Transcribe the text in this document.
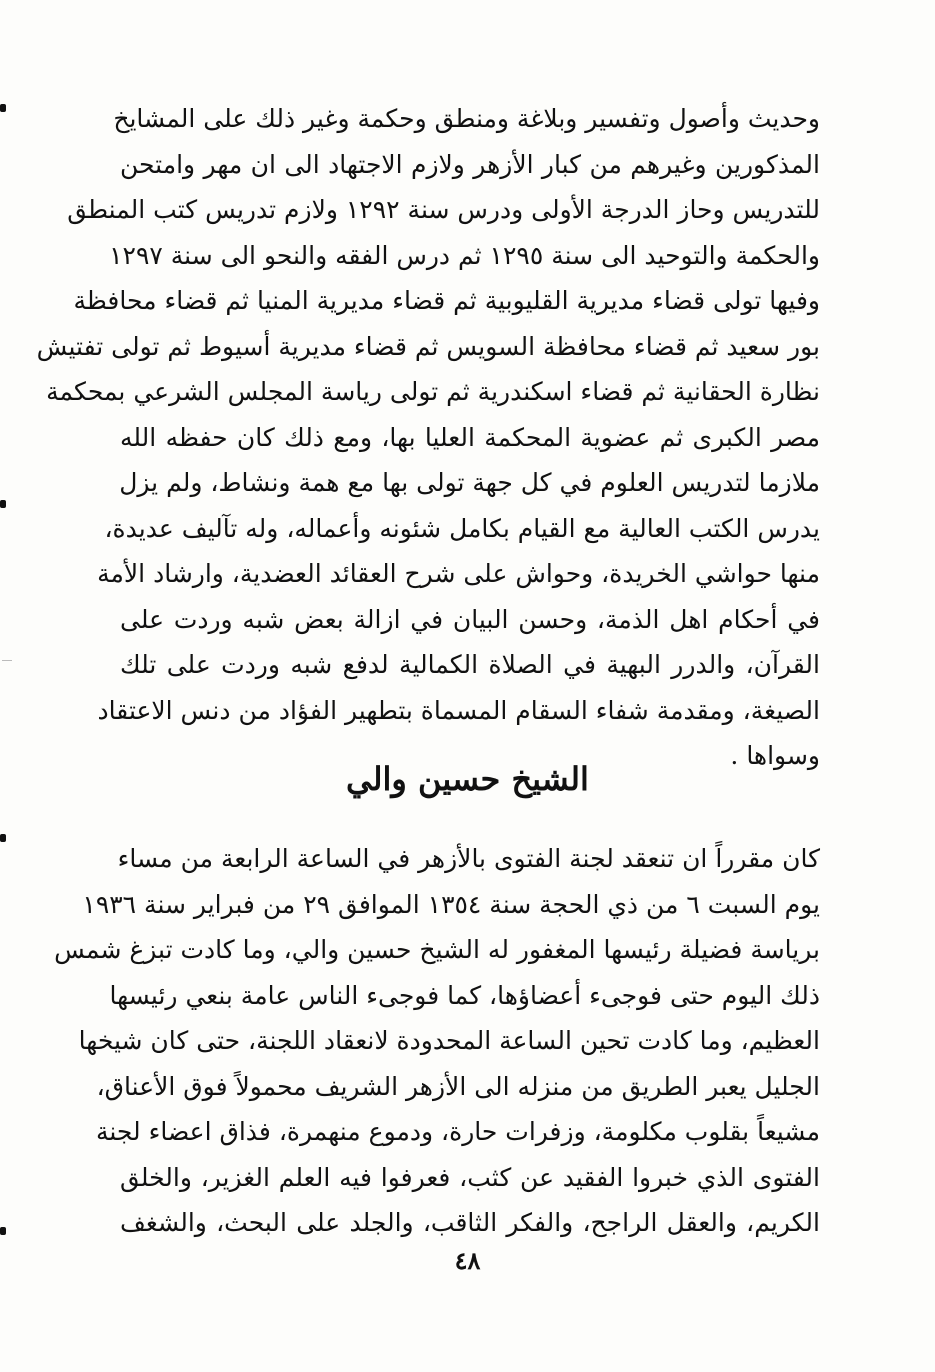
وحديث وأصول وتفسير وبلاغة ومنطق وحكمة وغير ذلك على المشايخ
المذكورين وغيرهم من كبار الأزهر ولازم الاجتهاد الى ان مهر وامتحن
للتدريس وحاز الدرجة الأولى ودرس سنة ١٢٩٢ ولازم تدريس كتب المنطق
والحكمة والتوحيد الى سنة ١٢٩٥ ثم درس الفقه والنحو الى سنة ١٢٩٧
وفيها تولى قضاء مديرية القليوبية ثم قضاء مديرية المنيا ثم قضاء محافظة
بور سعيد ثم قضاء محافظة السويس ثم قضاء مديرية أسيوط ثم تولى تفتيش
نظارة الحقانية ثم قضاء اسكندرية ثم تولى رياسة المجلس الشرعي بمحكمة
مصر الكبرى ثم عضوية المحكمة العليا بها، ومع ذلك كان حفظه الله
ملازما لتدريس العلوم في كل جهة تولى بها مع همة ونشاط، ولم يزل
يدرس الكتب العالية مع القيام بكامل شئونه وأعماله، وله تآليف عديدة،
منها حواشي الخريدة، وحواش على شرح العقائد العضدية، وارشاد الأمة
في أحكام اهل الذمة، وحسن البيان في ازالة بعض شبه وردت على
القرآن، والدرر البهية في الصلاة الكمالية لدفع شبه وردت على تلك
الصيغة، ومقدمة شفاء السقام المسماة بتطهير الفؤاد من دنس الاعتقاد
وسواها .
الشيخ حسين والي
كان مقرراً ان تنعقد لجنة الفتوى بالأزهر في الساعة الرابعة من مساء
يوم السبت ٦ من ذي الحجة سنة ١٣٥٤ الموافق ٢٩ من فبراير سنة ١٩٣٦
برياسة فضيلة رئيسها المغفور له الشيخ حسين والي، وما كادت تبزغ شمس
ذلك اليوم حتى فوجىء أعضاؤها، كما فوجىء الناس عامة بنعي رئيسها
العظيم، وما كادت تحين الساعة المحدودة لانعقاد اللجنة، حتى كان شيخها
الجليل يعبر الطريق من منزله الى الأزهر الشريف محمولاً فوق الأعناق،
مشيعاً بقلوب مكلومة، وزفرات حارة، ودموع منهمرة، فذاق اعضاء لجنة
الفتوى الذي خبروا الفقيد عن كثب، فعرفوا فيه العلم الغزير، والخلق
الكريم، والعقل الراجح، والفكر الثاقب، والجلد على البحث، والشغف
٤٨
